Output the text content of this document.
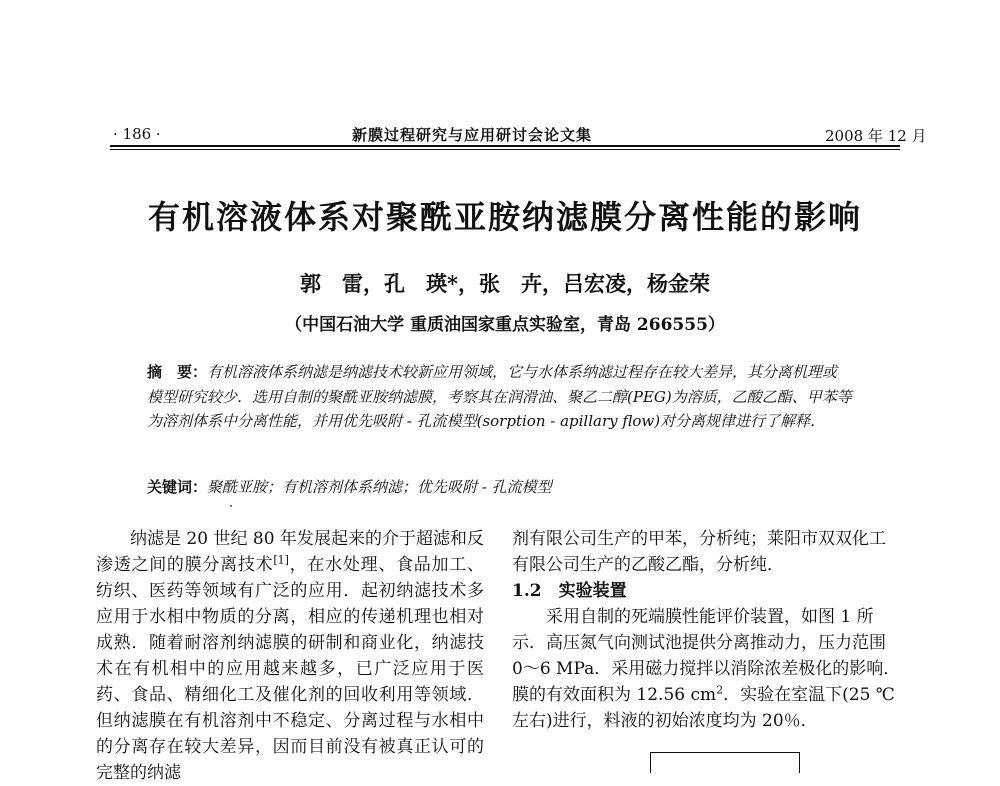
· 186 ·	新膜过程研究与应用研讨会论文集	2008 年 12 月
有机溶液体系对聚酰亚胺纳滤膜分离性能的影响
郭　雷，孔　瑛*，张　卉，吕宏凌，杨金荣
（中国石油大学 重质油国家重点实验室，青岛 266555）
摘　要：有机溶液体系纳滤是纳滤技术较新应用领域，它与水体系纳滤过程存在较大差异，其分离机理或模型研究较少．选用自制的聚酰亚胺纳滤膜，考察其在润滑油、聚乙二醇(PEG)为溶质，乙酸乙酯、甲苯等为溶剂体系中分离性能，并用优先吸附 - 孔流模型(sorption - apillary flow)对分离规律进行了解释．
关键词：聚酰亚胺；有机溶剂体系纳滤；优先吸附 - 孔流模型
纳滤是 20 世纪 80 年发展起来的介于超滤和反渗透之间的膜分离技术[1]，在水处理、食品加工、纺织、医药等领域有广泛的应用．起初纳滤技术多应用于水相中物质的分离，相应的传递机理也相对成熟．随着耐溶剂纳滤膜的研制和商业化，纳滤技术在有机相中的应用越来越多，已广泛应用于医药、食品、精细化工及催化剂的回收利用等领域．但纳滤膜在有机溶剂中不稳定、分离过程与水相中的分离存在较大差异，因而目前没有被真正认可的完整的纳滤
剂有限公司生产的甲苯，分析纯；莱阳市双双化工有限公司生产的乙酸乙酯，分析纯．
1.2　实验装置
采用自制的死端膜性能评价装置，如图 1 所示．高压氮气向测试池提供分离推动力，压力范围 0～6 MPa．采用磁力搅拌以消除浓差极化的影响．膜的有效面积为 12.56 $cm^2$．实验在室温下(25 ℃左右)进行，料液的初始浓度均为 20％．
